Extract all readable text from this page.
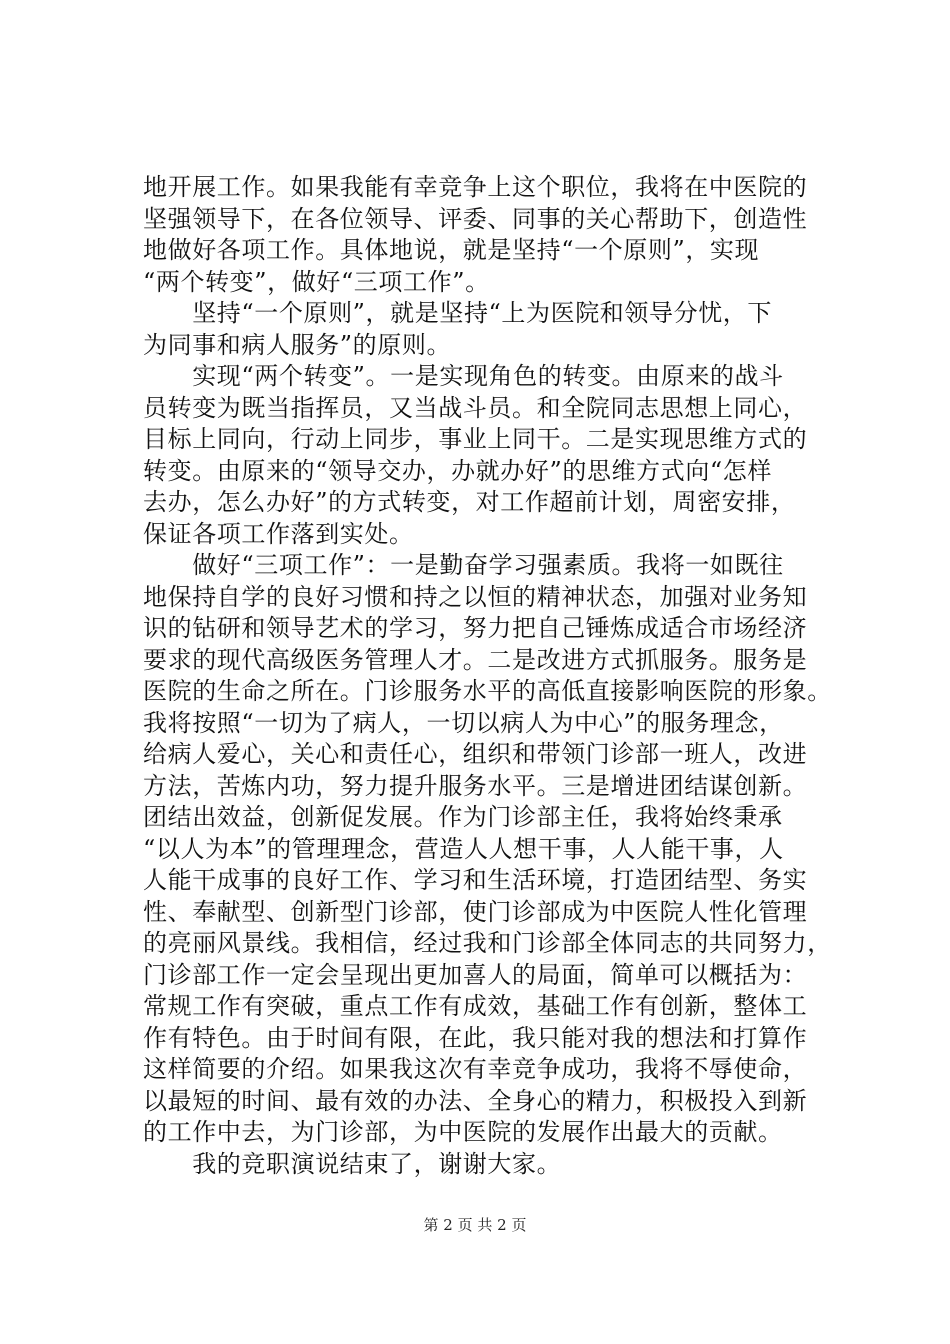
地开展工作。如果我能有幸竞争上这个职位，我将在中医院的
坚强领导下，在各位领导、评委、同事的关心帮助下，创造性
地做好各项工作。具体地说，就是坚持“一个原则”，实现
“两个转变”，做好“三项工作”。
　　坚持“一个原则”，就是坚持“上为医院和领导分忧，下
为同事和病人服务”的原则。
　　实现“两个转变”。一是实现角色的转变。由原来的战斗
员转变为既当指挥员，又当战斗员。和全院同志思想上同心，
目标上同向，行动上同步，事业上同干。二是实现思维方式的
转变。由原来的“领导交办，办就办好”的思维方式向“怎样
去办，怎么办好”的方式转变，对工作超前计划，周密安排，
保证各项工作落到实处。
　　做好“三项工作”：一是勤奋学习强素质。我将一如既往
地保持自学的良好习惯和持之以恒的精神状态，加强对业务知
识的钻研和领导艺术的学习，努力把自己锤炼成适合市场经济
要求的现代高级医务管理人才。二是改进方式抓服务。服务是
医院的生命之所在。门诊服务水平的高低直接影响医院的形象。
我将按照“一切为了病人，一切以病人为中心”的服务理念，
给病人爱心，关心和责任心，组织和带领门诊部一班人，改进
方法，苦炼内功，努力提升服务水平。三是增进团结谋创新。
团结出效益，创新促发展。作为门诊部主任，我将始终秉承
“以人为本”的管理理念，营造人人想干事，人人能干事，人
人能干成事的良好工作、学习和生活环境，打造团结型、务实
性、奉献型、创新型门诊部，使门诊部成为中医院人性化管理
的亮丽风景线。我相信，经过我和门诊部全体同志的共同努力，
门诊部工作一定会呈现出更加喜人的局面，简单可以概括为：
常规工作有突破，重点工作有成效，基础工作有创新，整体工
作有特色。由于时间有限，在此，我只能对我的想法和打算作
这样简要的介绍。如果我这次有幸竞争成功，我将不辱使命，
以最短的时间、最有效的办法、全身心的精力，积极投入到新
的工作中去，为门诊部，为中医院的发展作出最大的贡献。
　　我的竞职演说结束了，谢谢大家。
第 2 页 共 2 页
